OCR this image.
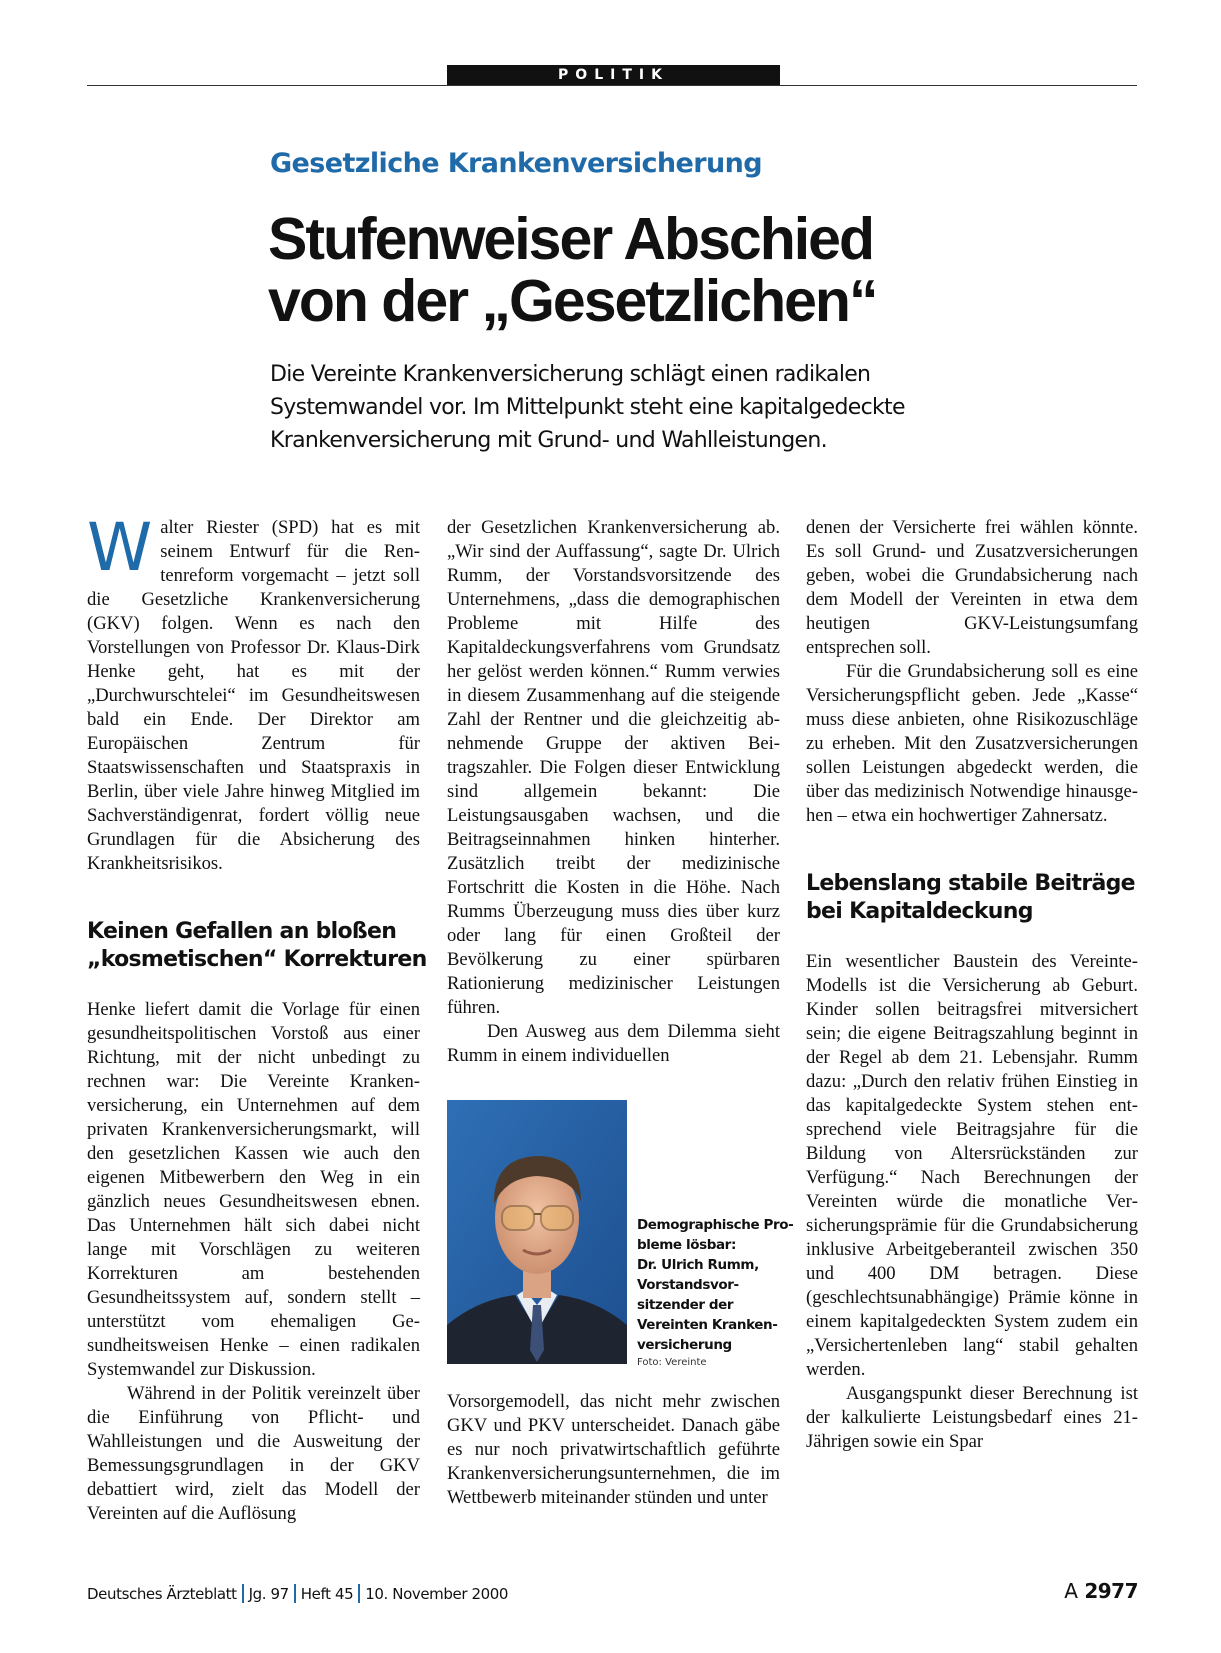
POLITIK
Gesetzliche Krankenversicherung
Stufenweiser Abschied
von der „Gesetzlichen“
Die Vereinte Krankenversicherung schlägt einen radikalen
Systemwandel vor. Im Mittelpunkt steht eine kapitalgedeckte
Krankenversicherung mit Grund- und Wahlleistungen.
W alter Riester (SPD) hat es mit seinem Entwurf für die Rentenreform vorgemacht – jetzt soll die Gesetzliche Krankenversicherung (GKV) folgen. Wenn es nach den Vorstellungen von Professor Dr. Klaus-Dirk Henke geht, hat es mit der „Durchwurschtelei“ im Gesundheitswesen bald ein Ende. Der Direktor am Europäischen Zentrum für Staatswissenschaften und Staatspraxis in Berlin, über viele Jahre hinweg Mitglied im Sachverständigenrat, fordert völlig neue Grundlagen für die Absicherung des Krankheitsrisikos.

Keinen Gefallen an bloßen
„kosmetischen“ Korrekturen

Henke liefert damit die Vorlage für einen gesundheitspolitischen Vorstoß aus einer Richtung, mit der nicht unbedingt zu rechnen war: Die Vereinte Krankenversicherung, ein Unternehmen auf dem privaten Krankenversicherungsmarkt, will den gesetzlichen Kassen wie auch den eigenen Mitbewerbern den Weg in ein gänzlich neues Gesundheitswesen ebnen. Das Unternehmen hält sich dabei nicht lange mit Vorschlägen zu weiteren Korrekturen am bestehenden Gesundheitssystem auf, sondern stellt – unterstützt vom ehemaligen Gesundheitsweisen Henke – einen radikalen Systemwandel zur Diskussion.

Während in der Politik vereinzelt über die Einführung von Pflicht- und Wahlleistungen und die Ausweitung der Bemessungsgrundlagen in der GKV debattiert wird, zielt das Modell der Vereinten auf die Auflösung

der Gesetzlichen Krankenversicherung ab. „Wir sind der Auffassung“, sagte Dr. Ulrich Rumm, der Vorstandsvorsitzende des Unternehmens, „dass die demographischen Probleme mit Hilfe des Kapitaldeckungsverfahrens vom Grundsatz her gelöst werden können.“ Rumm verwies in diesem Zusammenhang auf die steigende Zahl der Rentner und die gleichzeitig abnehmende Gruppe der aktiven Beitragszahler. Die Folgen dieser Entwicklung sind allgemein bekannt: Die Leistungsausgaben wachsen, und die Beitragseinnahmen hinken hinterher. Zusätzlich treibt der medizinische Fortschritt die Kosten in die Höhe. Nach Rumms Überzeugung muss dies über kurz oder lang für einen Großteil der Bevölkerung zu einer spürbaren Rationierung medizinischer Leistungen führen.

Den Ausweg aus dem Dilemma sieht Rumm in einem individuellen

Demographische Pro-
bleme lösbar:
Dr. Ulrich Rumm,
Vorstandsvor-
sitzender der
Vereinten Kranken-
versicherung
Foto: Vereinte

Vorsorgemodell, das nicht mehr zwischen GKV und PKV unterscheidet. Danach gäbe es nur noch privatwirtschaftlich geführte Krankenversicherungsunternehmen, die im Wettbewerb miteinander stünden und unter

denen der Versicherte frei wählen könnte. Es soll Grund- und Zusatzversicherungen geben, wobei die Grundabsicherung nach dem Modell der Vereinten in etwa dem heutigen GKV-Leistungsumfang entsprechen soll.

Für die Grundabsicherung soll es eine Versicherungspflicht geben. Jede „Kasse“ muss diese anbieten, ohne Risikozuschläge zu erheben. Mit den Zusatzversicherungen sollen Leistungen abgedeckt werden, die über das medizinisch Notwendige hinausgehen – etwa ein hochwertiger Zahnersatz.

Lebenslang stabile Beiträge
bei Kapitaldeckung

Ein wesentlicher Baustein des Vereinte-Modells ist die Versicherung ab Geburt. Kinder sollen beitragsfrei mitversichert sein; die eigene Beitragszahlung beginnt in der Regel ab dem 21. Lebensjahr. Rumm dazu: „Durch den relativ frühen Einstieg in das kapitalgedeckte System stehen entsprechend viele Beitragsjahre für die Bildung von Altersrückständen zur Verfügung.“ Nach Berechnungen der Vereinten würde die monatliche Versicherungsprämie für die Grundabsicherung inklusive Arbeitgeberanteil zwischen 350 und 400 DM betragen. Diese (geschlechtsunabhängige) Prämie könne in einem kapitalgedeckten System zudem ein „Versichertenleben lang“ stabil gehalten werden.

Ausgangspunkt dieser Berechnung ist der kalkulierte Leistungsbedarf eines 21-Jährigen sowie ein Spar

Deutsches Ärzteblatt Jg. 97 Heft 45 10. November 2000	A 2977
